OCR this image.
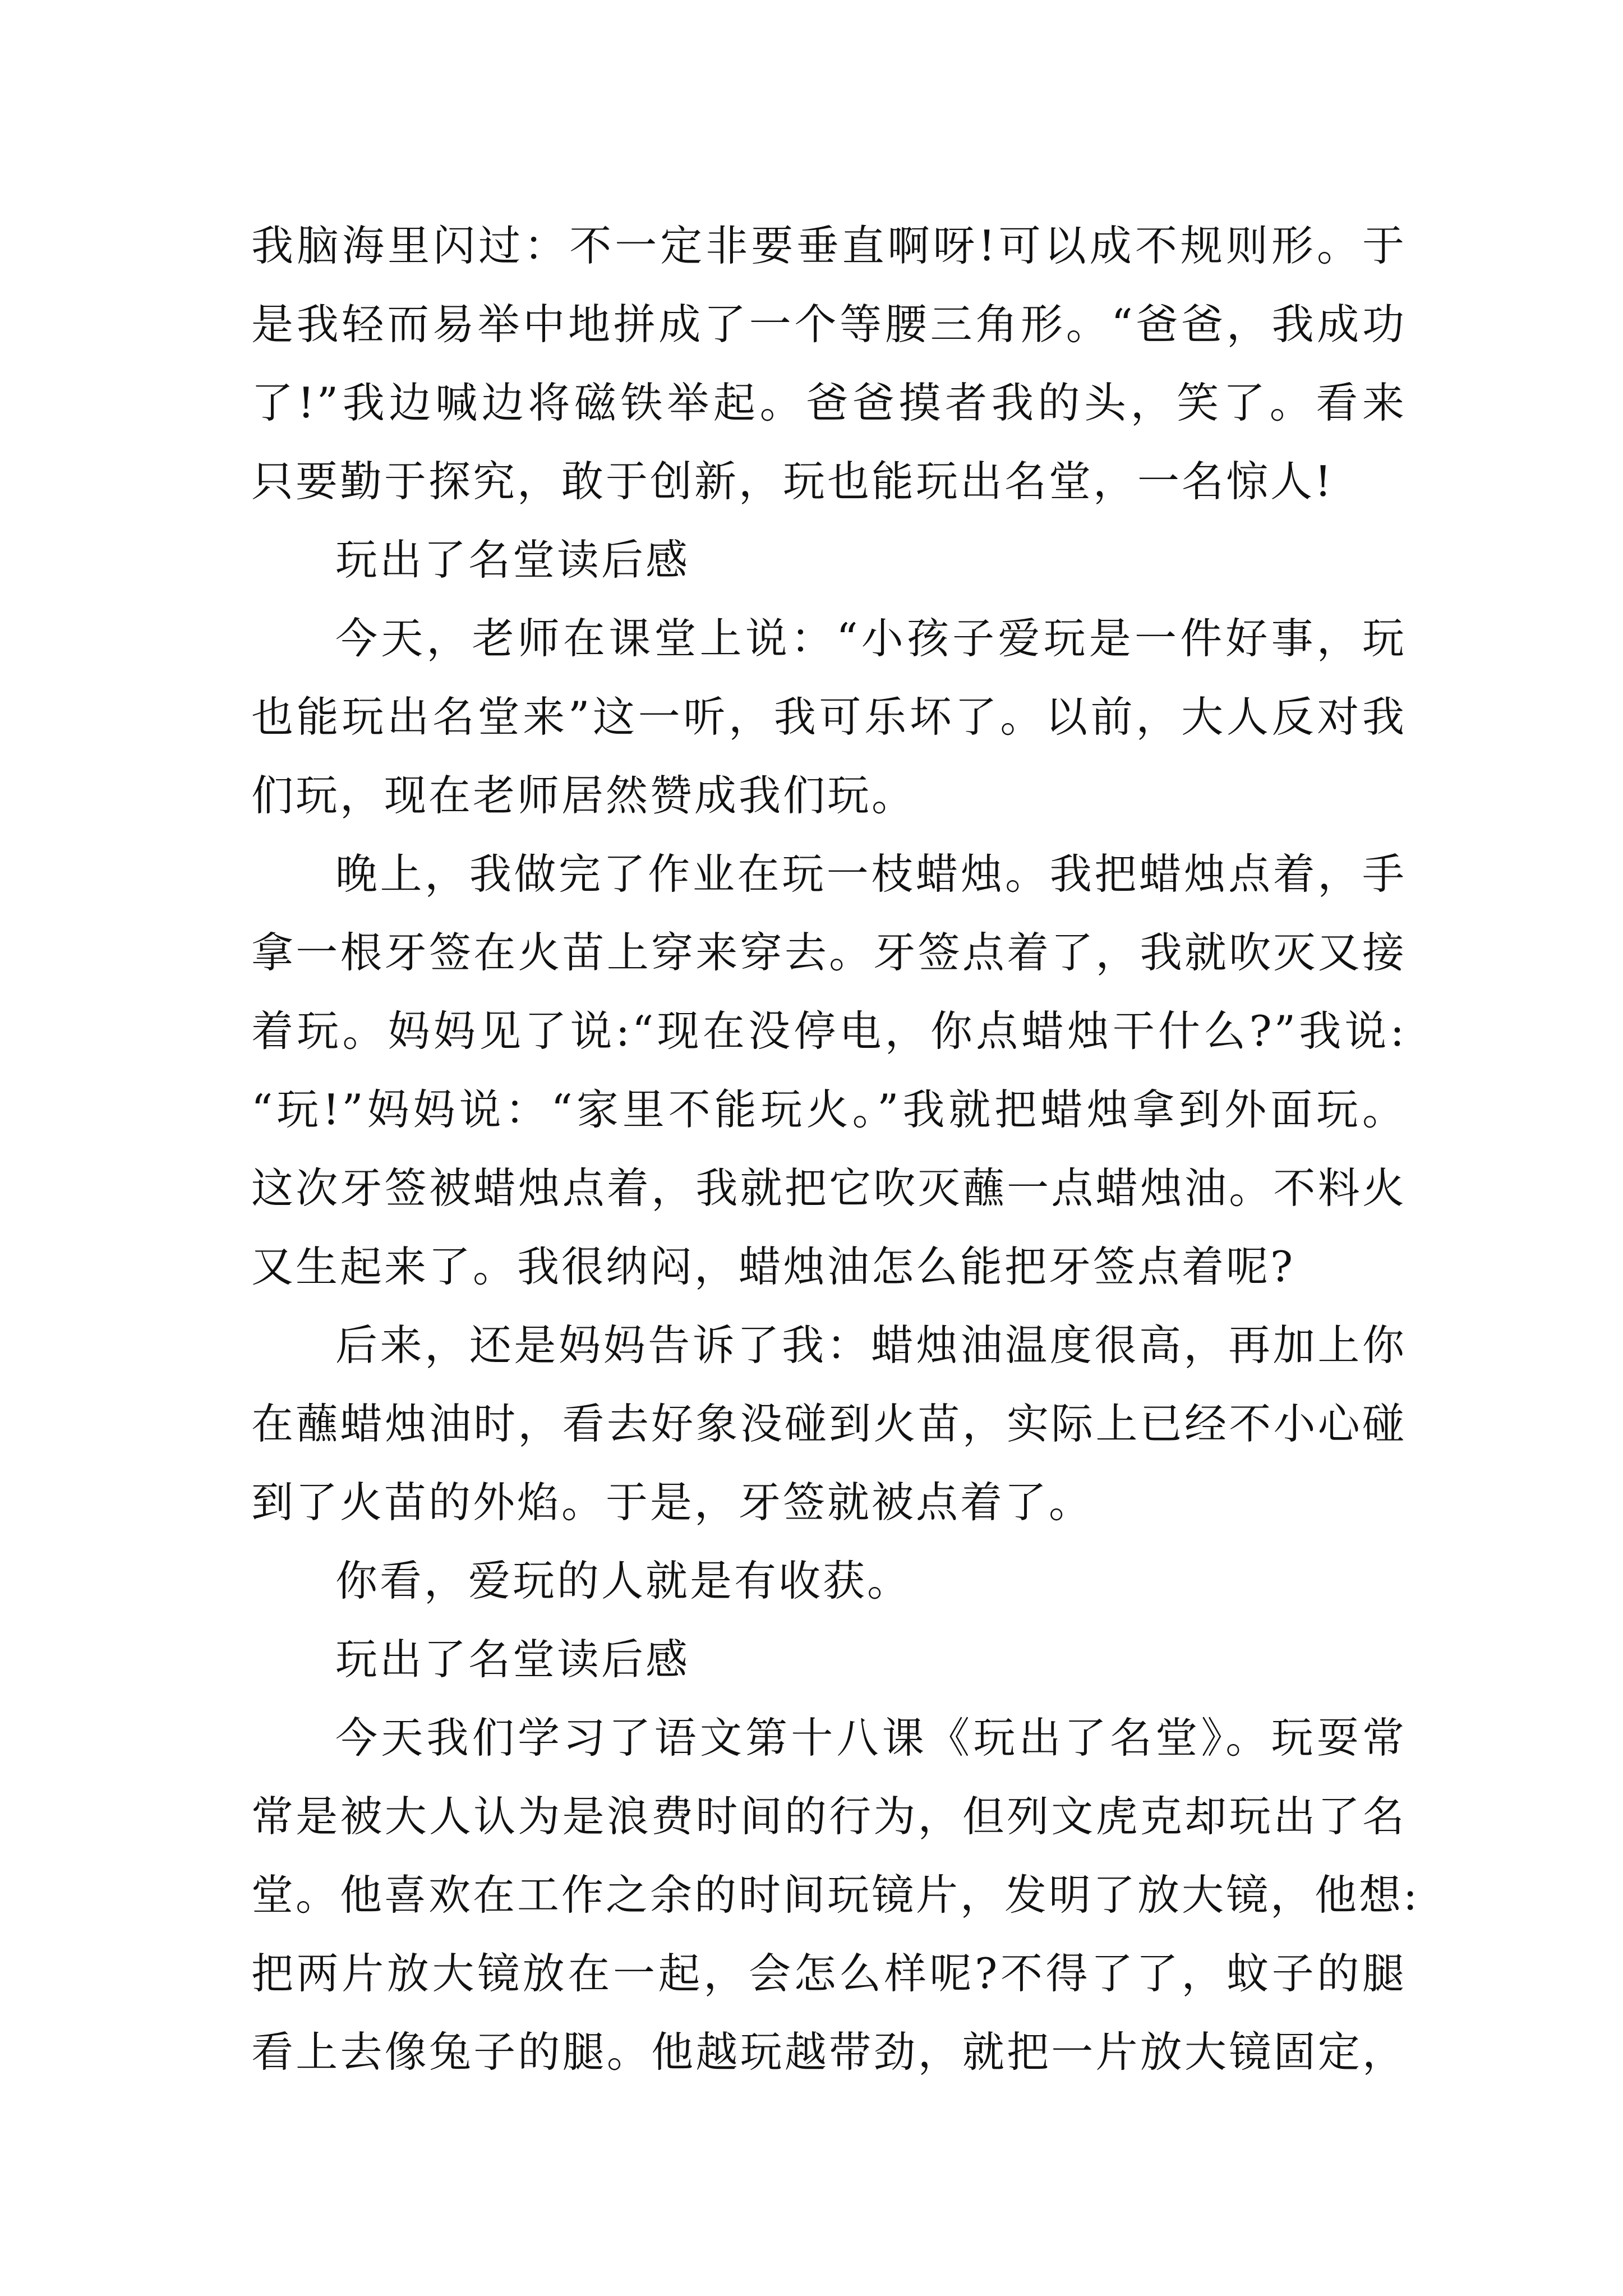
我脑海里闪过：不一定非要垂直啊呀!可以成不规则形。于
是我轻而易举中地拼成了一个等腰三角形。“爸爸，我成功
了!”我边喊边将磁铁举起。爸爸摸者我的头，笑了。看来
只要勤于探究，敢于创新，玩也能玩出名堂，一名惊人!
玩出了名堂读后感
今天，老师在课堂上说：“小孩子爱玩是一件好事，玩
也能玩出名堂来”这一听，我可乐坏了。以前，大人反对我
们玩，现在老师居然赞成我们玩。
晚上，我做完了作业在玩一枝蜡烛。我把蜡烛点着，手
拿一根牙签在火苗上穿来穿去。牙签点着了，我就吹灭又接
着玩。妈妈见了说:“现在没停电，你点蜡烛干什么?”我说:
“玩!”妈妈说：“家里不能玩火。”我就把蜡烛拿到外面玩。
这次牙签被蜡烛点着，我就把它吹灭蘸一点蜡烛油。不料火
又生起来了。我很纳闷，蜡烛油怎么能把牙签点着呢?
后来，还是妈妈告诉了我：蜡烛油温度很高，再加上你
在蘸蜡烛油时，看去好象没碰到火苗，实际上已经不小心碰
到了火苗的外焰。于是，牙签就被点着了。
你看，爱玩的人就是有收获。
玩出了名堂读后感
今天我们学习了语文第十八课《玩出了名堂》。玩耍常
常是被大人认为是浪费时间的行为，但列文虎克却玩出了名
堂。他喜欢在工作之余的时间玩镜片，发明了放大镜，他想:
把两片放大镜放在一起，会怎么样呢?不得了了，蚊子的腿
看上去像兔子的腿。他越玩越带劲，就把一片放大镜固定，
